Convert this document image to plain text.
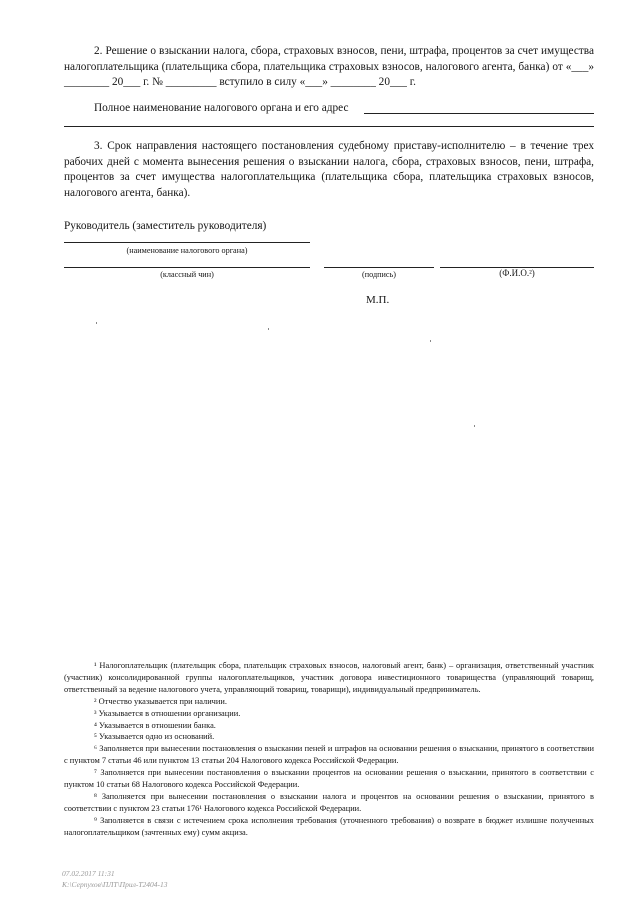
2. Решение о взыскании налога, сбора, страховых взносов, пени, штрафа, процентов за счет имущества налогоплательщика (плательщика сбора, плательщика страховых взносов, налогового агента, банка) от «___» ________ 20___ г. № _________ вступило в силу «___» ________ 20___ г.
Полное наименование налогового органа и его адрес
3. Срок направления настоящего постановления судебному приставу-исполнителю – в течение трех рабочих дней с момента вынесения решения о взыскании налога, сбора, страховых взносов, пени, штрафа, процентов за счет имущества налогоплательщика (плательщика сбора, плательщика страховых взносов, налогового агента, банка).
Руководитель (заместитель руководителя)
(наименование налогового органа)
(классный чин)	(подпись)	(Ф.И.О.²)
М.П.

¹ Налогоплательщик (плательщик сбора, плательщик страховых взносов, налоговый агент, банк) – организация, ответственный участник (участник) консолидированной группы налогоплательщиков, участник договора инвестиционного товарищества (управляющий товарищ, ответственный за ведение налогового учета, управляющий товарищ, товарищи), индивидуальный предприниматель.

² Отчество указывается при наличии.

³ Указывается в отношении организации.

⁴ Указывается в отношении банка.

⁵ Указывается одно из оснований.

⁶ Заполняется при вынесении постановления о взыскании пеней и штрафов на основании решения о взыскании, принятого в соответствии с пунктом 7 статьи 46 или пунктом 13 статьи 204 Налогового кодекса Российской Федерации.

⁷ Заполняется при вынесении постановления о взыскании процентов на основании решения о взыскании, принятого в соответствии с пунктом 10 статьи 68 Налогового кодекса Российской Федерации.

⁸ Заполняется при вынесении постановления о взыскании налога и процентов на основании решения о взыскании, принятого в соответствии с пунктом 23 статьи 176¹ Налогового кодекса Российской Федерации.

⁹ Заполняется в связи с истечением срока исполнения требования (уточненного требования) о возврате в бюджет излишне полученных налогоплательщиком (зачтенных ему) сумм акциза.

07.02.2017 11:31
К:\Серпухов\ПЛТ\Прил-Т2404-13
